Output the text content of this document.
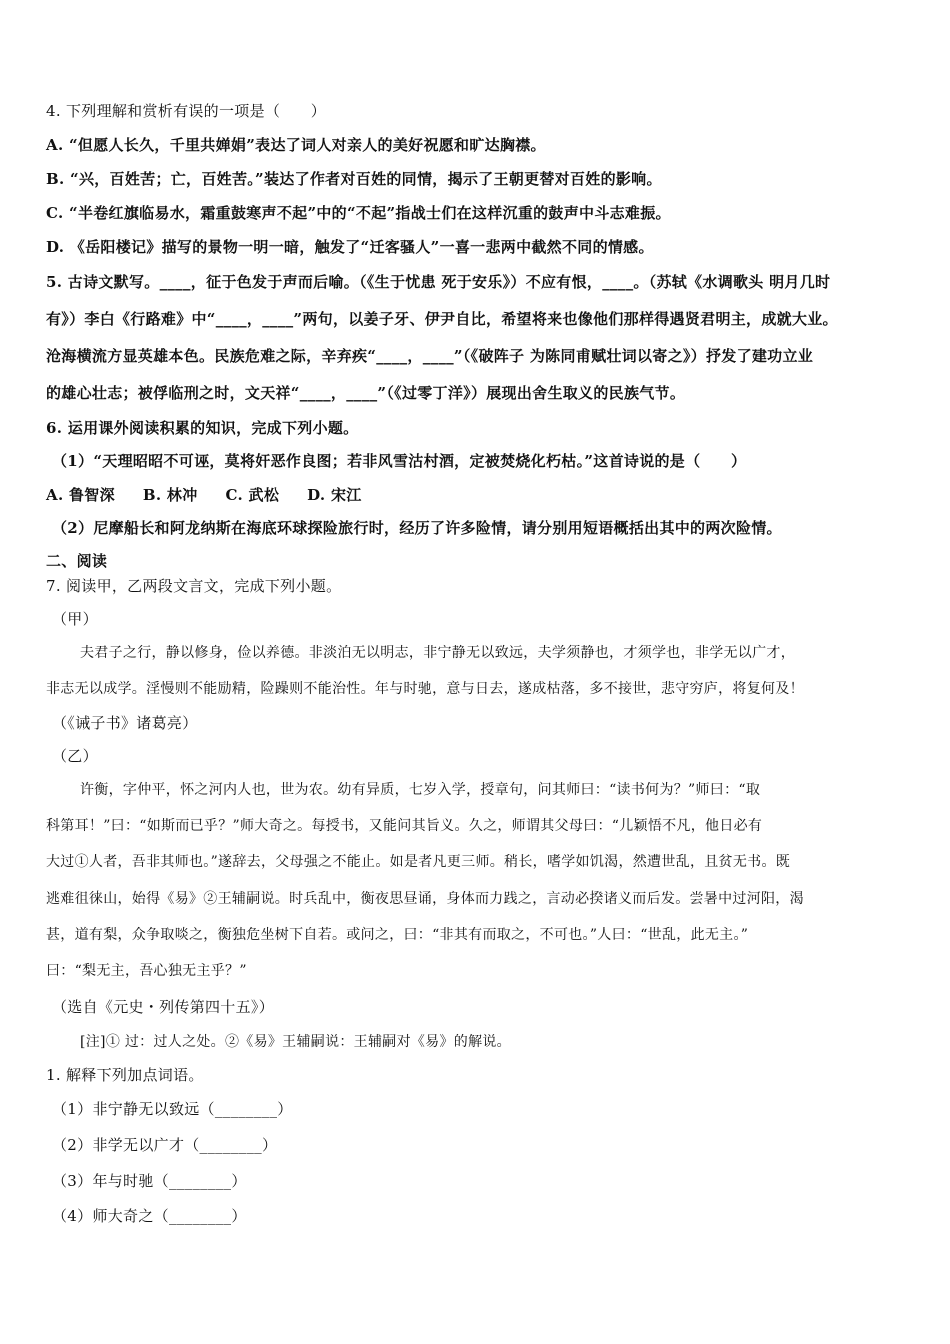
4. 下列理解和赏析有误的一项是（　　）
A. “但愿人长久，千里共婵娟”表达了词人对亲人的美好祝愿和旷达胸襟。
B. “兴，百姓苦；亡，百姓苦。”装达了作者对百姓的同情，揭示了王朝更替对百姓的影响。
C. “半卷红旗临易水，霜重鼓寒声不起”中的“不起”指战士们在这样沉重的鼓声中斗志难振。
D. 《岳阳楼记》描写的景物一明一暗，触发了“迁客骚人”一喜一悲两中截然不同的情感。
5. 古诗文默写。____，征于色发于声而后喻。（《生于忧患 死于安乐》）不应有恨，____。（苏轼《水调歌头 明月几时
有》）李白《行路难》中“____，____”两句，以姜子牙、伊尹自比，希望将来也像他们那样得遇贤君明主，成就大业。
沧海横流方显英雄本色。民族危难之际，辛弃疾“____，____”（《破阵子 为陈同甫赋壮词以寄之》）抒发了建功立业
的雄心壮志；被俘临刑之时，文天祥“____，____”（《过零丁洋》）展现出舍生取义的民族气节。
6. 运用课外阅读积累的知识，完成下列小题。
（1）“天理昭昭不可诬，莫将奸恶作良图；若非风雪沽村酒，定被焚烧化朽枯。”这首诗说的是（　　）
A. 鲁智深 B. 林冲 C. 武松 D. 宋江
（2）尼摩船长和阿龙纳斯在海底环球探险旅行时，经历了许多险情，请分别用短语概括出其中的两次险情。
二、阅读
7. 阅读甲，乙两段文言文，完成下列小题。
（甲）
夫君子之行，静以修身，俭以养德。非淡泊无以明志，非宁静无以致远，夫学须静也，才须学也，非学无以广才，
非志无以成学。淫慢则不能励精，险躁则不能治性。年与时驰，意与日去，遂成枯落，多不接世，悲守穷庐，将复何及！
（《诫子书》诸葛亮）
（乙）
许衡，字仲平，怀之河内人也，世为农。幼有异质，七岁入学，授章句，问其师曰：“读书何为？”师曰：“取
科第耳！”曰：“如斯而已乎？”师大奇之。每授书，又能问其旨义。久之，师谓其父母曰：“儿颖悟不凡，他日必有
大过①人者，吾非其师也。”遂辞去，父母强之不能止。如是者凡更三师。稍长，嗜学如饥渴，然遭世乱，且贫无书。既
逃难徂徕山，始得《易》②王辅嗣说。时兵乱中，衡夜思昼诵，身体而力践之，言动必揆诸义而后发。尝暑中过河阳，渴
甚，道有梨，众争取啖之，衡独危坐树下自若。或问之，曰：“非其有而取之，不可也。”人曰：“世乱，此无主。”
曰：“梨无主，吾心独无主乎？”
（选自《元史・列传第四十五》）
[注]① 过：过人之处。②《易》王辅嗣说：王辅嗣对《易》的解说。
1. 解释下列加点词语。
（1）非宁静无以致远（________）
（2）非学无以广才（________）
（3）年与时驰（________）
（4）师大奇之（________）
